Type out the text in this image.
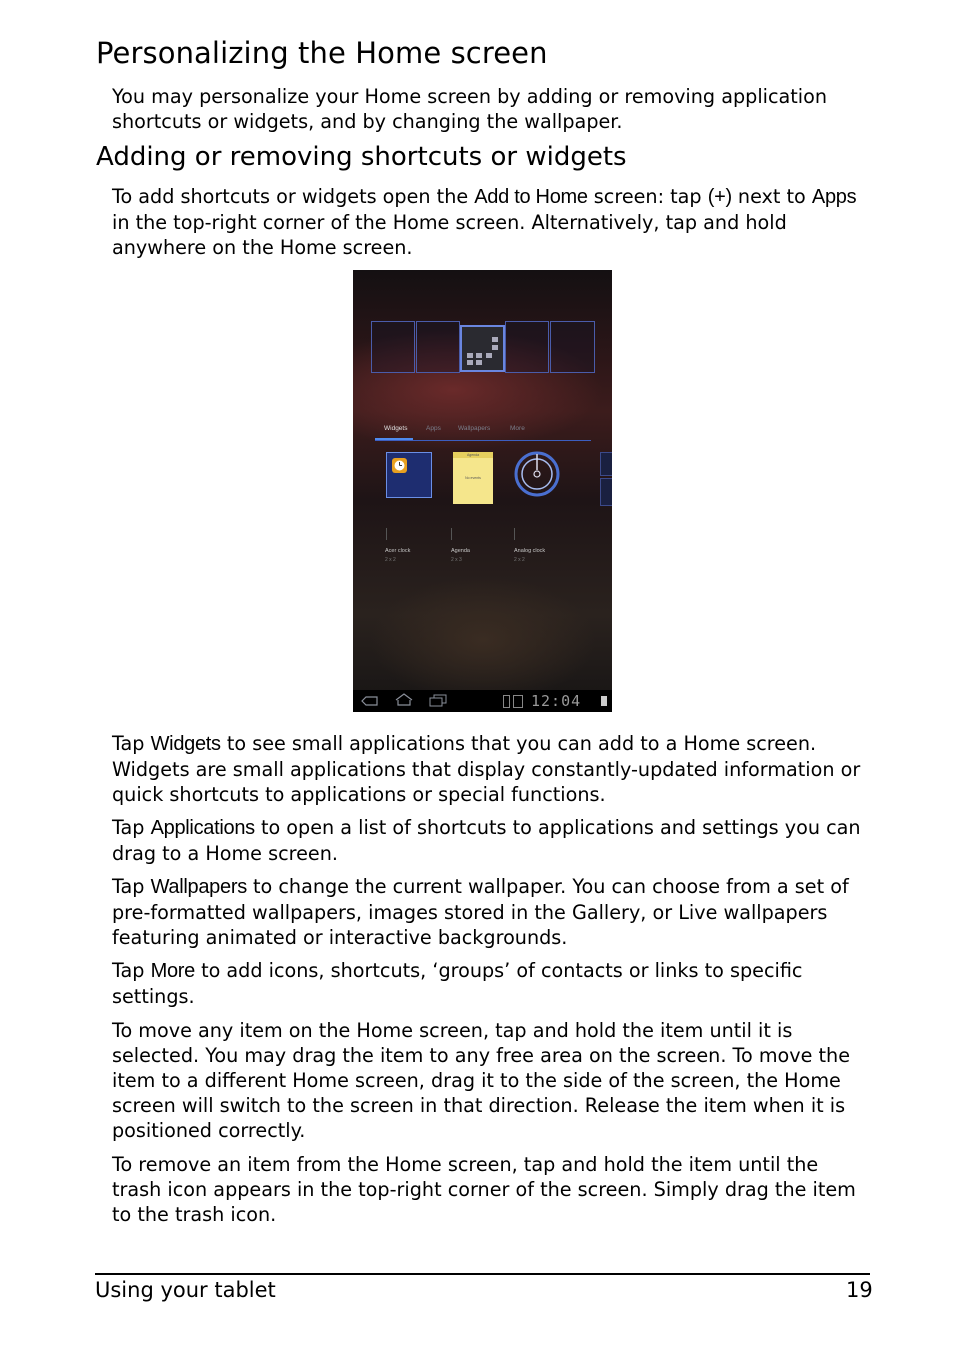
Personalizing the Home screen

You may personalize your Home screen by adding or removing application shortcuts or widgets, and by changing the wallpaper.

Adding or removing shortcuts or widgets

To add shortcuts or widgets open the Add to Home screen: tap (+) next to Apps in the top-right corner of the Home screen. Alternatively, tap and hold anywhere on the Home screen.

Widgets	Apps	Wallpapers	More
Agenda
No events
Acer clock
2 x 2
Agenda
2 x 3
Analog clock
2 x 2
12:04

Tap Widgets to see small applications that you can add to a Home screen. Widgets are small applications that display constantly-updated information or quick shortcuts to applications or special functions.

Tap Applications to open a list of shortcuts to applications and settings you can drag to a Home screen.

Tap Wallpapers to change the current wallpaper. You can choose from a set of pre-formatted wallpapers, images stored in the Gallery, or Live wallpapers featuring animated or interactive backgrounds.

Tap More to add icons, shortcuts, ‘groups’ of contacts or links to specific settings.

To move any item on the Home screen, tap and hold the item until it is selected. You may drag the item to any free area on the screen. To move the item to a different Home screen, drag it to the side of the screen, the Home screen will switch to the screen in that direction. Release the item when it is positioned correctly.

To remove an item from the Home screen, tap and hold the item until the trash icon appears in the top-right corner of the screen. Simply drag the item to the trash icon.

Using your tablet	19
